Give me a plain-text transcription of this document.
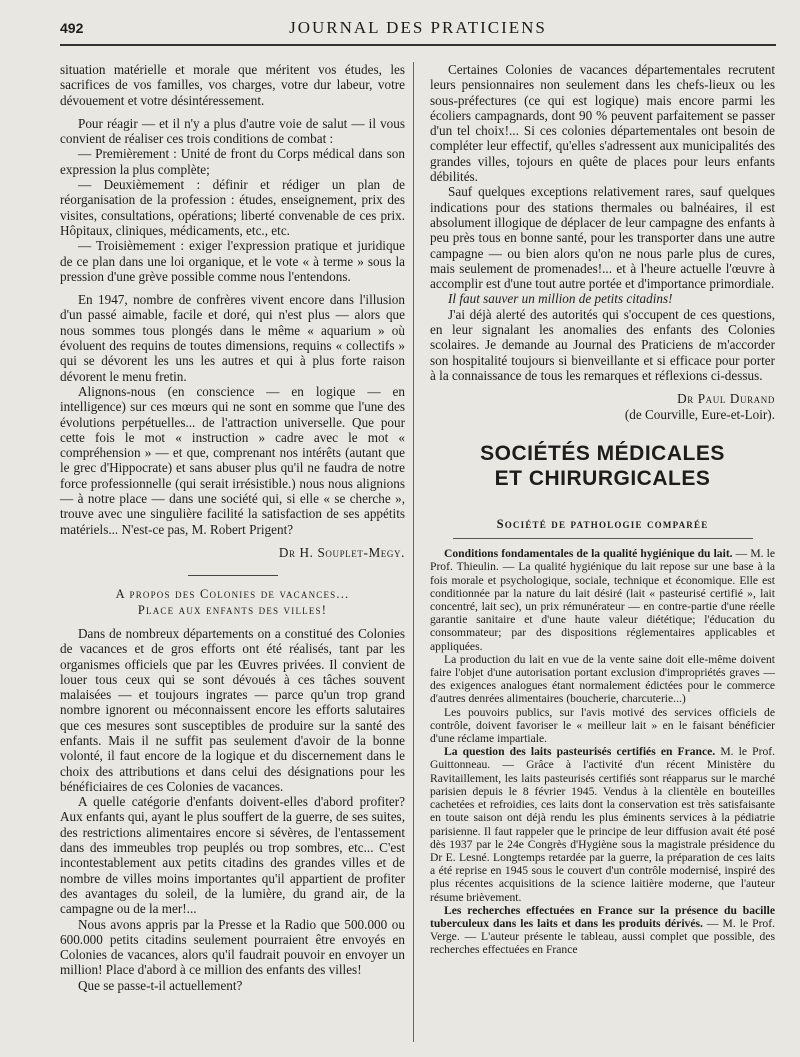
492	JOURNAL DES PRATICIENS

situation matérielle et morale que méritent vos études, les sacrifices de vos familles, vos charges, votre dur labeur, votre dévouement et votre désintéressement.

Pour réagir — et il n'y a plus d'autre voie de salut — il vous convient de réaliser ces trois conditions de combat :

— Premièrement : Unité de front du Corps médical dans son expression la plus complète;

— Deuxièmement : définir et rédiger un plan de réorganisation de la profession : études, enseignement, prix des visites, consultations, opérations; liberté convenable de ces prix. Hôpitaux, cliniques, médicaments, etc., etc.

— Troisièmement : exiger l'expression pratique et juridique de ce plan dans une loi organique, et le vote « à terme » sous la pression d'une grève possible comme nous l'entendons.

En 1947, nombre de confrères vivent encore dans l'illusion d'un passé aimable, facile et doré, qui n'est plus — alors que nous sommes tous plongés dans le même « aquarium » où évoluent des requins de toutes dimensions, requins « collectifs » qui se dévorent les uns les autres et qui à plus forte raison dévorent le menu fretin.

Alignons-nous (en conscience — en logique — en intelligence) sur ces mœurs qui ne sont en somme que l'une des évolutions perpétuelles... de l'attraction universelle. Que pour cette fois le mot « instruction » cadre avec le mot « compréhension » — et que, comprenant nos intérêts (autant que le grec d'Hippocrate) et sans abuser plus qu'il ne faudra de notre force professionnelle (qui serait irrésistible.) nous nous alignions — à notre place — dans une société qui, si elle « se cherche », trouve avec une singulière facilité la satisfaction de ses appétits matériels... N'est-ce pas, M. Robert Prigent?

Dr H. Souplet-Megy.
A propos des Colonies de vacances...
Place aux enfants des villes!

Dans de nombreux départements on a constitué des Colonies de vacances et de gros efforts ont été réalisés, tant par les organismes officiels que par les Œuvres privées. Il convient de louer tous ceux qui se sont dévoués à ces tâches souvent malaisées — et toujours ingrates — parce qu'un trop grand nombre ignorent ou méconnaissent encore les efforts salutaires que ces mesures sont susceptibles de produire sur la santé des enfants. Mais il ne suffit pas seulement d'avoir de la bonne volonté, il faut encore de la logique et du discernement dans le choix des attributions et dans celui des désignations pour les bénéficiaires de ces Colonies de vacances.

A quelle catégorie d'enfants doivent-elles d'abord profiter? Aux enfants qui, ayant le plus souffert de la guerre, de ses suites, des restrictions alimentaires encore si sévères, de l'entassement dans des immeubles trop peuplés ou trop sombres, etc... C'est incontestablement aux petits citadins des grandes villes et de nombre de villes moins importantes qu'il appartient de profiter des avantages du soleil, de la lumière, du grand air, de la campagne ou de la mer!...

Nous avons appris par la Presse et la Radio que 500.000 ou 600.000 petits citadins seulement pourraient être envoyés en Colonies de vacances, alors qu'il faudrait pouvoir en envoyer un million! Place d'abord à ce million des enfants des villes!

Que se passe-t-il actuellement?

Certaines Colonies de vacances départementales recrutent leurs pensionnaires non seulement dans les chefs-lieux ou les sous-préfectures (ce qui est logique) mais encore parmi les écoliers campagnards, dont 90 % peuvent parfaitement se passer d'un tel choix!... Si ces colonies départementales ont besoin de compléter leur effectif, qu'elles s'adressent aux municipalités des grandes villes, tojours en quête de places pour leurs enfants débilités.

Sauf quelques exceptions relativement rares, sauf quelques indications pour des stations thermales ou balnéaires, il est absolument illogique de déplacer de leur campagne des enfants à peu près tous en bonne santé, pour les transporter dans une autre campagne — ou bien alors qu'on ne nous parle plus de cures, mais seulement de promenades!... et à l'heure actuelle l'œuvre à accomplir est d'une tout autre portée et d'importance primordiale.

Il faut sauver un million de petits citadins!

J'ai déjà alerté des autorités qui s'occupent de ces questions, en leur signalant les anomalies des enfants des Colonies scolaires. Je demande au Journal des Praticiens de m'accorder son hospitalité toujours si bienveillante et si efficace pour porter à la connaissance de tous les remarques et réflexions ci-dessus.

Dr Paul Durand
(de Courville, Eure-et-Loir).
SOCIÉTÉS MÉDICALES
ET CHIRURGICALES
Société de pathologie comparée

Conditions fondamentales de la qualité hygiénique du lait. — M. le Prof. Thieulin. — La qualité hygiénique du lait repose sur une base à la fois morale et psychologique, sociale, technique et économique. Elle est conditionnée par la nature du lait désiré (lait « pasteurisé certifié », lait concentré, lait sec), un prix rémunérateur — en contre-partie d'une réelle garantie sanitaire et d'une haute valeur diététique; l'éducation du consommateur; par des dispositions réglementaires applicables et appliquées.

La production du lait en vue de la vente saine doit elle-même doivent faire l'objet d'une autorisation portant exclusion d'impropriétés graves — des exigences analogues étant normalement édictées pour le commerce d'autres denrées alimentaires (boucherie, charcuterie...)

Les pouvoirs publics, sur l'avis motivé des services officiels de contrôle, doivent favoriser le « meilleur lait » en le faisant bénéficier d'une réclame impartiale.

La question des laits pasteurisés certifiés en France. M. le Prof. Guittonneau. — Grâce à l'activité d'un récent Ministère du Ravitaillement, les laits pasteurisés certifiés sont réapparus sur le marché parisien depuis le 8 février 1945. Vendus à la clientèle en bouteilles cachetées et refroidies, ces laits dont la conservation est très satisfaisante en toute saison ont déjà rendu les plus éminents services à la pédiatrie parisienne. Il faut rappeler que le principe de leur diffusion avait été posé dès 1937 par le 24e Congrès d'Hygiène sous la magistrale présidence du Dr E. Lesné. Longtemps retardée par la guerre, la préparation de ces laits a été reprise en 1945 sous le couvert d'un contrôle modernisé, inspiré des plus récentes acquisitions de la science laitière moderne, que l'auteur résume brièvement.

Les recherches effectuées en France sur la présence du bacille tuberculeux dans les laits et dans les produits dérivés. — M. le Prof. Verge. — L'auteur présente le tableau, aussi complet que possible, des recherches effectuées en France
